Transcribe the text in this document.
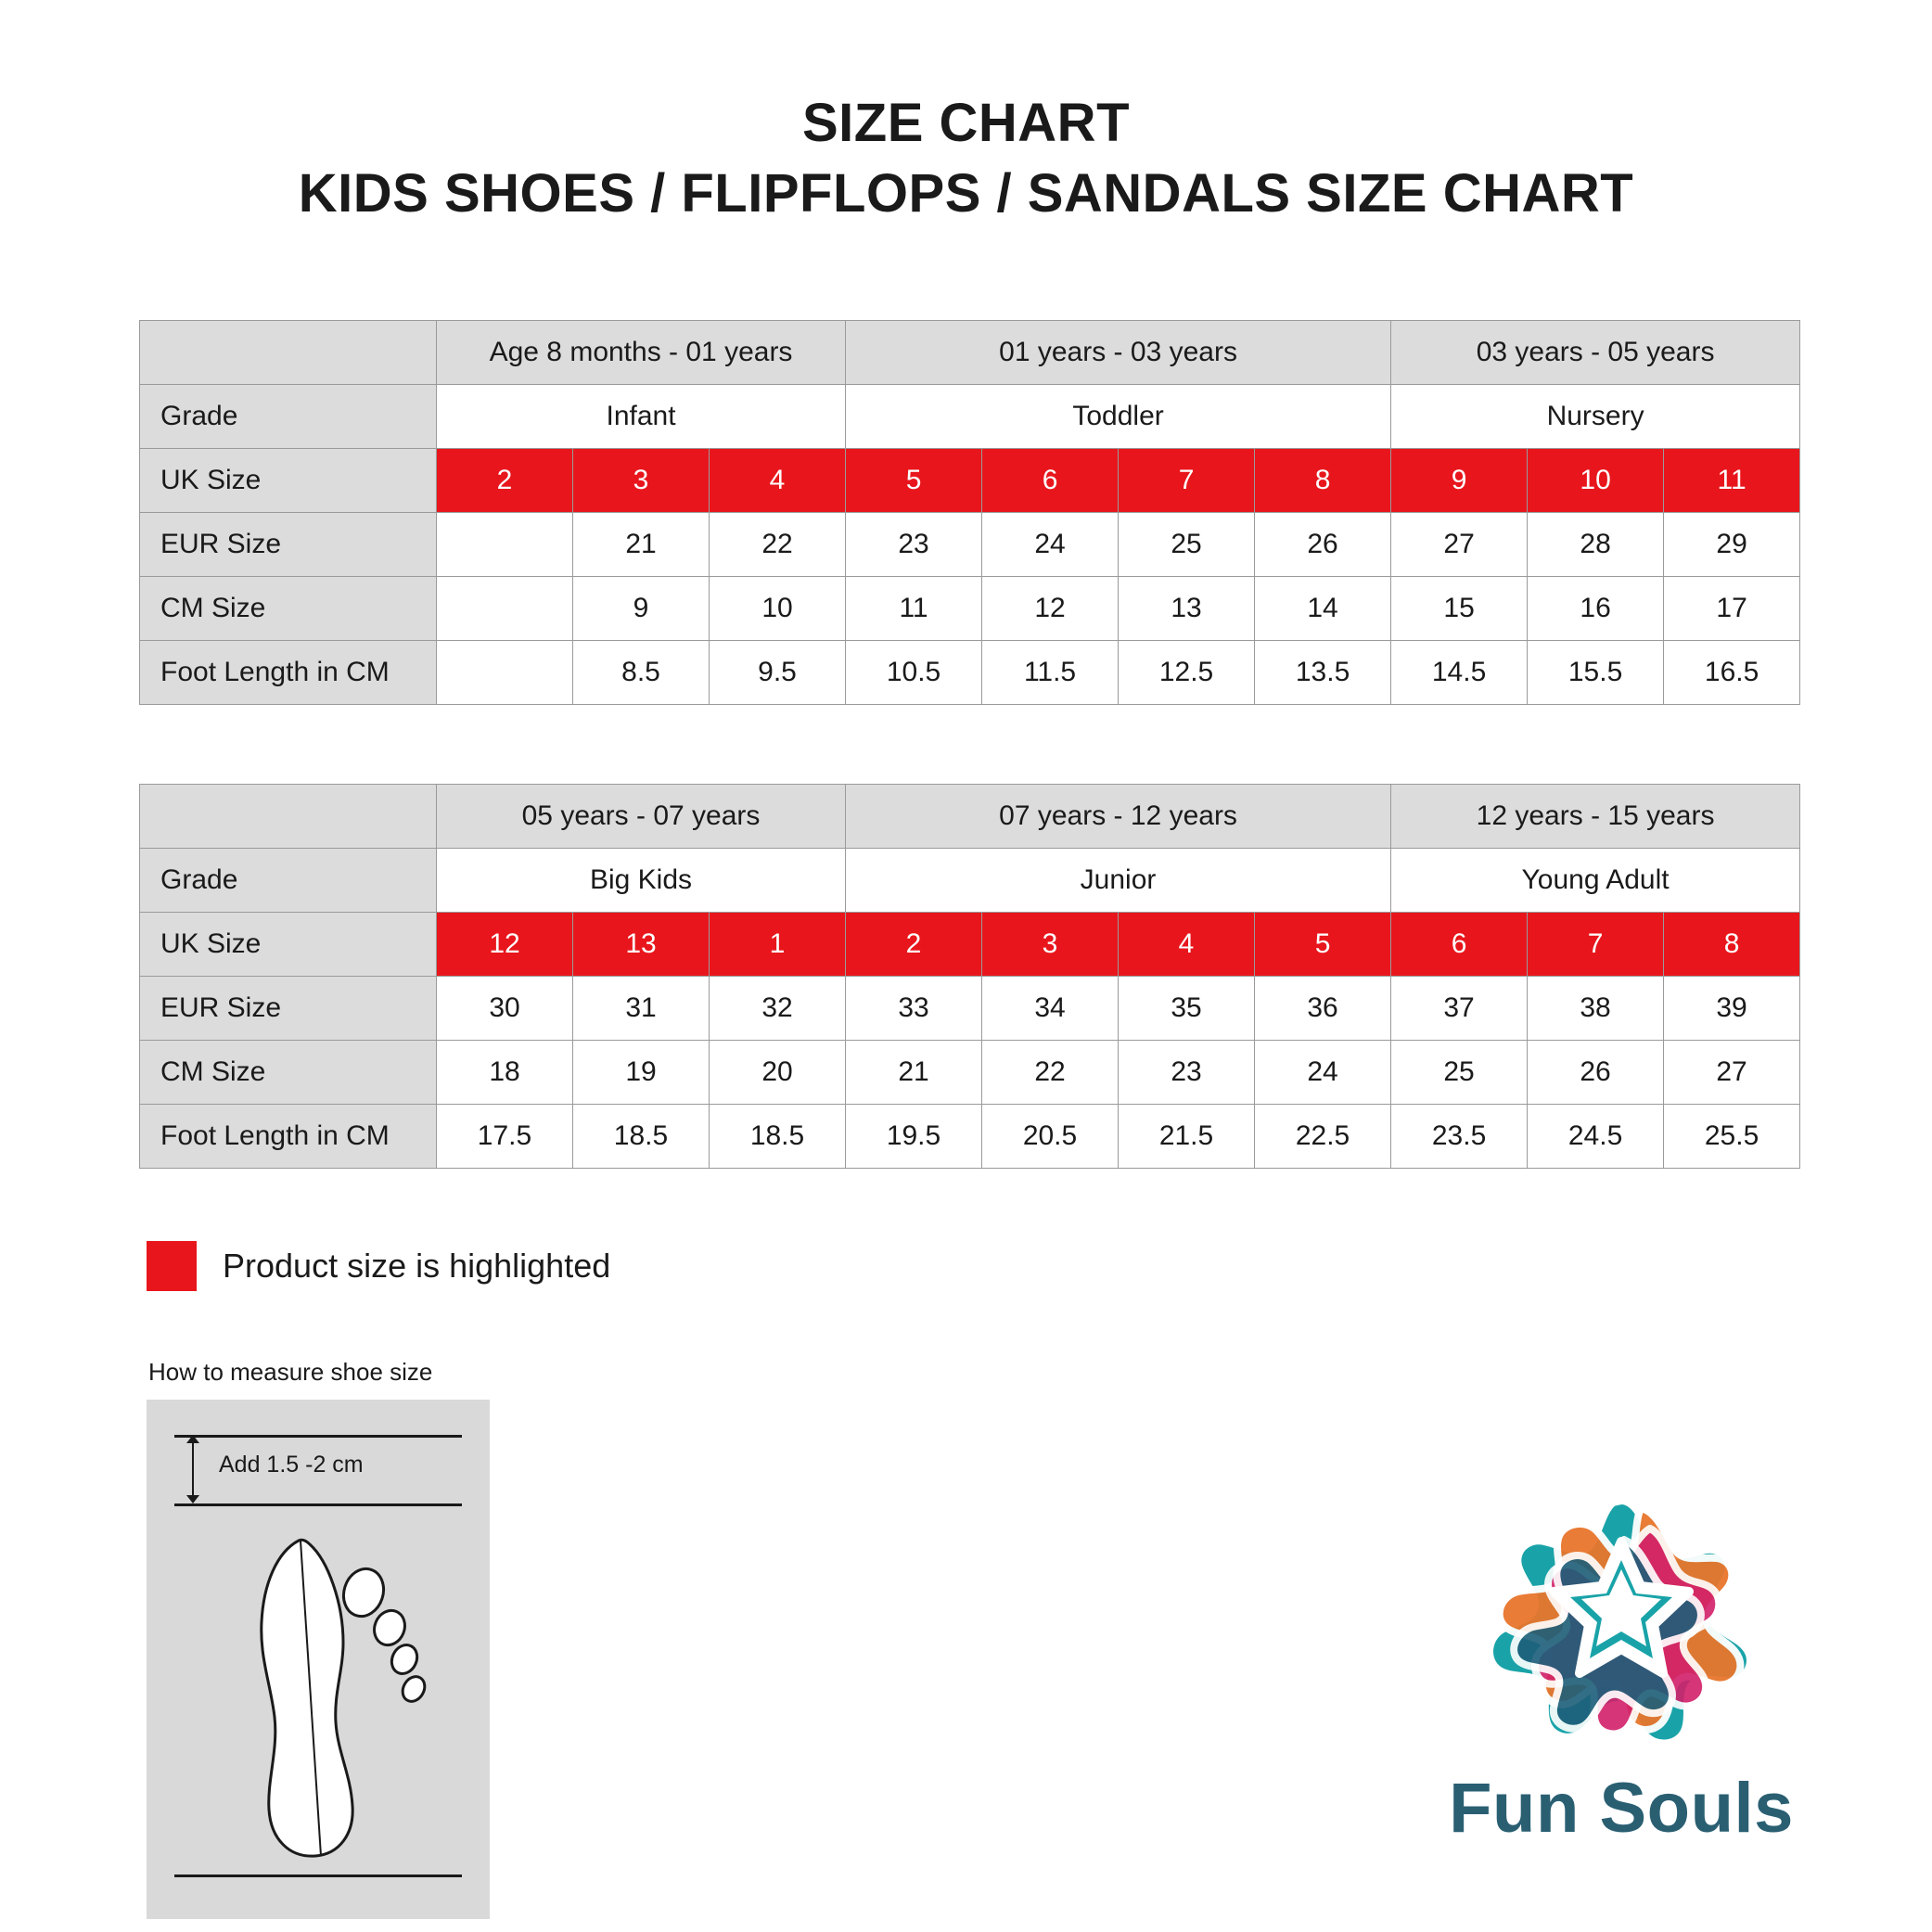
SIZE CHART
KIDS SHOES / FLIPFLOPS / SANDALS SIZE CHART
	Age 8 months - 01 years			01 years - 03 years				03 years - 05 years		
Grade	Infant			Toddler				Nursery		
UK Size	2	3	4	5	6	7	8	9	10	11
EUR Size		21	22	23	24	25	26	27	28	29
CM Size		9	10	11	12	13	14	15	16	17
Foot Length in CM		8.5	9.5	10.5	11.5	12.5	13.5	14.5	15.5	16.5
	05 years - 07 years			07 years - 12 years				12 years - 15 years		
Grade	Big Kids			Junior				Young Adult		
UK Size	12	13	1	2	3	4	5	6	7	8
EUR Size	30	31	32	33	34	35	36	37	38	39
CM Size	18	19	20	21	22	23	24	25	26	27
Foot Length in CM	17.5	18.5	18.5	19.5	20.5	21.5	22.5	23.5	24.5	25.5
Product size is highlighted
How to measure shoe size
Add 1.5 -2 cm
Fun Souls
